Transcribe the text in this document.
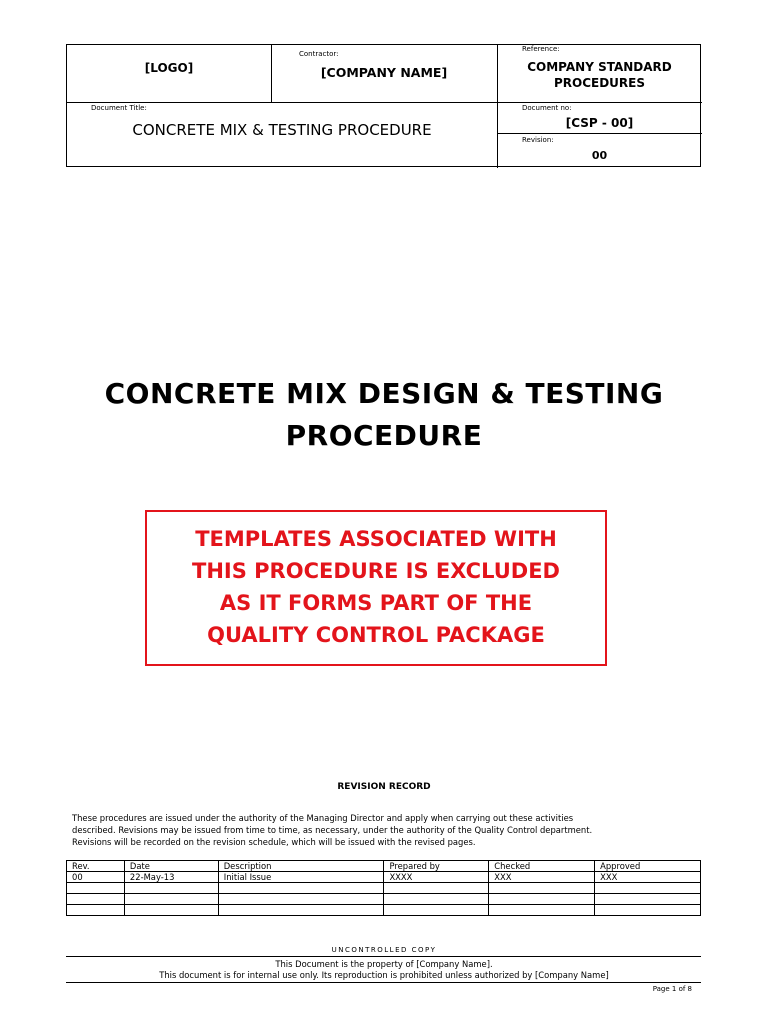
[LOGO]
Contractor:
[COMPANY NAME]
Reference:
COMPANY STANDARD
PROCEDURES
Document Title:
CONCRETE MIX & TESTING PROCEDURE
Document no:
[CSP - 00]
Revision:
00
CONCRETE MIX DESIGN & TESTING
PROCEDURE
TEMPLATES ASSOCIATED WITH
THIS PROCEDURE IS EXCLUDED
AS IT FORMS PART OF THE
QUALITY CONTROL PACKAGE
REVISION RECORD
These procedures are issued under the authority of the Managing Director and apply when carrying out these activities
described. Revisions may be issued from time to time, as necessary, under the authority of the Quality Control department.
Revisions will be recorded on the revision schedule, which will be issued with the revised pages.
Rev.	Date	Description	Prepared by	Checked	Approved
00	22-May-13	Initial Issue	XXXX	XXX	XXX

UNCONTROLLED COPY
This Document is the property of [Company Name].
This document is for internal use only. Its reproduction is prohibited unless authorized by [Company Name]
Page 1 of 8
